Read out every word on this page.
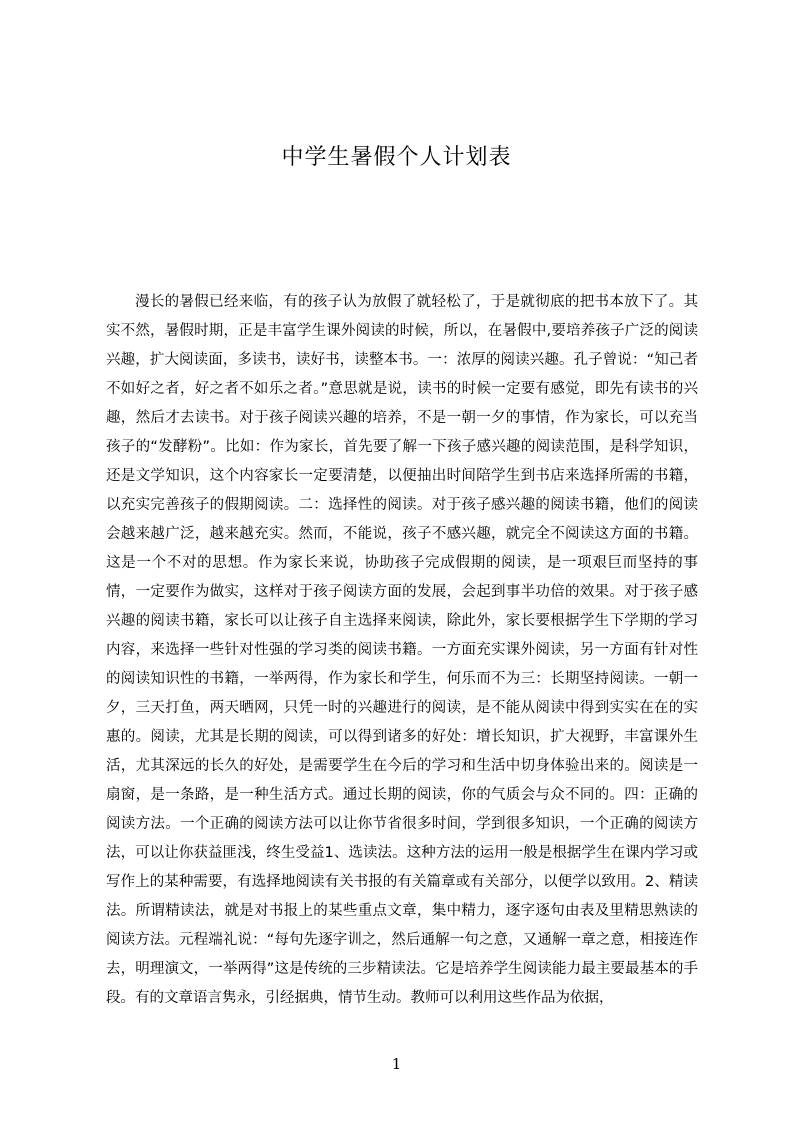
中学生暑假个人计划表

漫长的暑假已经来临，有的孩子认为放假了就轻松了，于是就彻底的把书本放下了。其实不然，暑假时期，正是丰富学生课外阅读的时候，所以，在暑假中,要培养孩子广泛的阅读兴趣，扩大阅读面，多读书，读好书，读整本书。一：浓厚的阅读兴趣。孔子曾说：“知己者不如好之者，好之者不如乐之者。”意思就是说，读书的时候一定要有感觉，即先有读书的兴趣，然后才去读书。对于孩子阅读兴趣的培养，不是一朝一夕的事情，作为家长，可以充当孩子的“发酵粉”。比如：作为家长，首先要了解一下孩子感兴趣的阅读范围，是科学知识，还是文学知识，这个内容家长一定要清楚，以便抽出时间陪学生到书店来选择所需的书籍，以充实完善孩子的假期阅读。二：选择性的阅读。对于孩子感兴趣的阅读书籍，他们的阅读会越来越广泛，越来越充实。然而，不能说，孩子不感兴趣，就完全不阅读这方面的书籍。这是一个不对的思想。作为家长来说，协助孩子完成假期的阅读，是一项艰巨而坚持的事情，一定要作为做实，这样对于孩子阅读方面的发展，会起到事半功倍的效果。对于孩子感兴趣的阅读书籍，家长可以让孩子自主选择来阅读，除此外，家长要根据学生下学期的学习内容，来选择一些针对性强的学习类的阅读书籍。一方面充实课外阅读，另一方面有针对性的阅读知识性的书籍，一举两得，作为家长和学生，何乐而不为三：长期坚持阅读。一朝一夕，三天打鱼，两天晒网，只凭一时的兴趣进行的阅读，是不能从阅读中得到实实在在的实惠的。阅读，尤其是长期的阅读，可以得到诸多的好处：增长知识，扩大视野，丰富课外生活，尤其深远的长久的好处，是需要学生在今后的学习和生活中切身体验出来的。阅读是一扇窗，是一条路，是一种生活方式。通过长期的阅读，你的气质会与众不同的。四：正确的阅读方法。一个正确的阅读方法可以让你节省很多时间，学到很多知识，一个正确的阅读方法，可以让你获益匪浅，终生受益1、选读法。这种方法的运用一般是根据学生在课内学习或写作上的某种需要，有选择地阅读有关书报的有关篇章或有关部分，以便学以致用。2、精读法。所谓精读法，就是对书报上的某些重点文章，集中精力，逐字逐句由表及里精思熟读的阅读方法。元程端礼说：“每句先逐字训之，然后通解一句之意，又通解一章之意，相接连作去，明理演文，一举两得”这是传统的三步精读法。它是培养学生阅读能力最主要最基本的手段。有的文章语言隽永，引经据典，情节生动。教师可以利用这些作品为依据，

1
